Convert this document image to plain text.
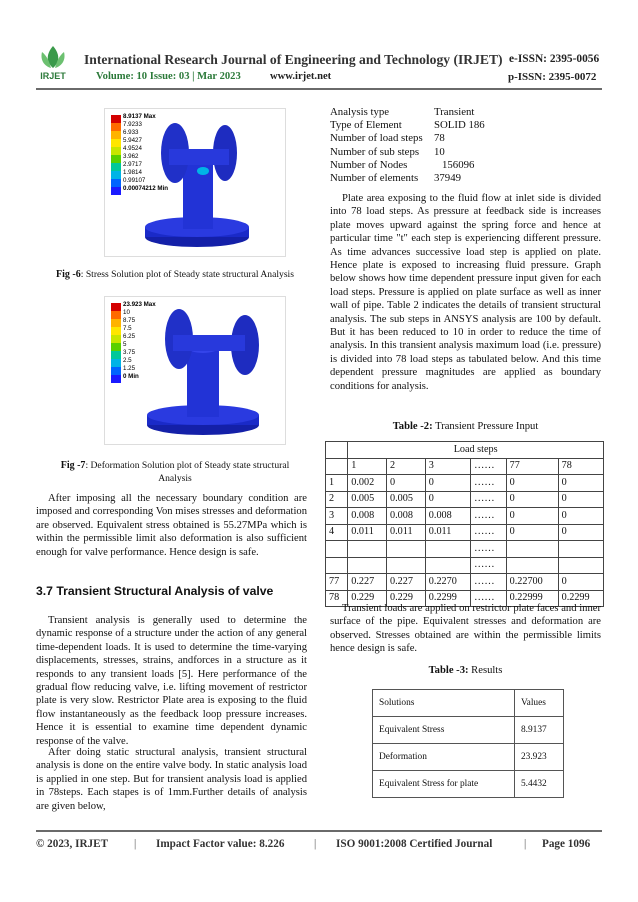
IRJET
International Research Journal of Engineering and Technology (IRJET) e-ISSN: 2395-0056
Volume: 10 Issue: 03 | Mar 2023	www.irjet.net	p-ISSN: 2395-0072
8.9137 Max
7.9233
6.933
5.9427
4.9524
3.962
2.9717
1.9814
0.99107
0.00074212 Min
Fig -6: Stress Solution plot of Steady state structural Analysis
23.923 Max
10
8.75
7.5
6.25
5
3.75
2.5
1.25
0 Min
Fig -7: Deformation Solution plot of Steady state structural
Analysis
After imposing all the necessary boundary condition are imposed and corresponding Von mises stresses and deformation are observed. Equivalent stress obtained is 55.27MPa which is within the permissible limit also deformation is also sufficient enough for valve performance. Hence design is safe.
3.7 Transient Structural Analysis of valve
Transient analysis is generally used to determine the dynamic response of a structure under the action of any general time-dependent loads. It is used to determine the time-varying displacements, stresses, strains, andforces in a structure as it responds to any transient loads [5]. Here performance of the gradual flow reducing valve, i.e. lifting movement of restrictor plate is very slow. Restrictor Plate area is exposing to the fluid flow instantaneously as the feedback loop pressure increases. Hence it is essential to examine time dependent dynamic response of the valve.
After doing static structural analysis, transient structural analysis is done on the entire valve body. In static analysis load is applied in one step. But for transient analysis load is applied in 78steps. Each stapes is of 1mm.Further details of analysis are given below,
Analysis type	Transient
Type of Element	SOLID 186
Number of load steps	78
Number of sub steps	10
Number of Nodes	156096
Number of elements	37949
Plate area exposing to the fluid flow at inlet side is divided into 78 load steps. As pressure at feedback side is increases plate moves upward against the spring force and hence at particular time "t" each step is experiencing different pressure. As time advances successive load step is applied on plate. Hence plate is exposed to increasing fluid pressure. Graph below shows how time dependent pressure input given for each load steps. Pressure is applied on plate surface as well as inner wall of pipe. Table 2 indicates the details of transient structural analysis. The sub steps in ANSYS analysis are 100 by default. But it has been reduced to 10 in order to reduce the time of analysis. In this transient analysis maximum load (i.e. pressure) is divided into 78 load steps as tabulated below. And this time dependent pressure magnitudes are applied as boundary conditions for analysis.
Table -2: Transient Pressure Input
	Load steps					
	1	2	3	……	77	78
1	0.002	0	0	……	0	0
2	0.005	0.005	0	……	0	0
3	0.008	0.008	0.008	……	0	0
4	0.011	0.011	0.011	……	0	0
				……		
				……		
77	0.227	0.227	0.2270	……	0.22700	0
78	0.229	0.229	0.2299	……	0.22999	0.2299
Transient loads are applied on restrictor plate faces and inner surface of the pipe. Equivalent stresses and deformation are observed. Stresses obtained are within the permissible limits hence design is safe.
Table -3: Results
Solutions	Values
Equivalent Stress	8.9137
Deformation	23.923
Equivalent Stress for plate	5.4432
© 2023, IRJET | Impact Factor value: 8.226	| ISO 9001:2008 Certified Journal	| Page 1096
